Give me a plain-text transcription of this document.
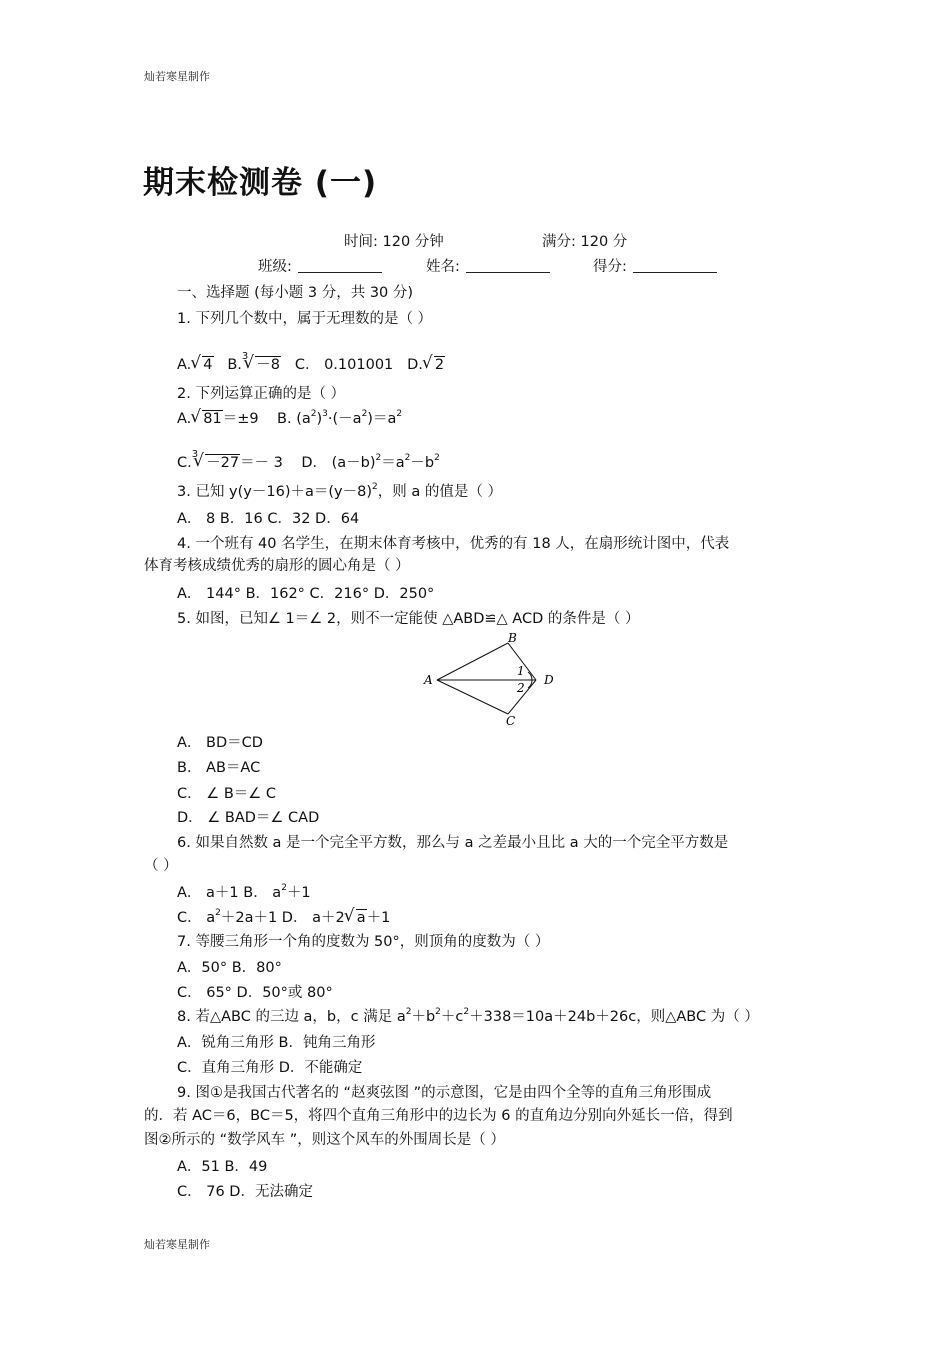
灿若寒星制作
期末检测卷 (一)
时间: 120 分钟	满分: 120 分
班级:	姓名:	得分:
一、选择题 (每小题 3 分，共 30 分)
1. 下列几个数中，属于无理数的是（ ）
A. √ 4 B.$^3$√ －8 C． 0.101001 D. √ 2
2. 下列运算正确的是（ ）
A. √ 81＝±9 B. $(a^2)^3\cdot(-a^2)=a^2$
C.$^3$√ －27＝－ 3 D． $(a-b)^2=a^2-b^2$
3. 已知 $y(y-16)+a=(y-8)^2$，则 a 的值是（ ）
A． 8 B．16 C．32 D．64
4. 一个班有 40 名学生，在期末体育考核中，优秀的有 18 人，在扇形统计图中，代表
体育考核成绩优秀的扇形的圆心角是（ ）
A． 144° B．162° C．216° D．250°
5. 如图，已知∠ 1＝∠ 2，则不一定能使 △ABD≌△ ACD 的条件是（ ）
A
B
C
D
1
2
A． BD＝CD
B． AB＝AC
C． ∠ B＝∠ C
D． ∠ BAD＝∠ CAD
6. 如果自然数 a 是一个完全平方数，那么与 a 之差最小且比 a 大的一个完全平方数是
（ ）
A． a＋1 B． $a^2+1$
C． $a^2+2a+1$ D． a＋2 √ a＋1
7. 等腰三角形一个角的度数为 50°，则顶角的度数为（ ）
A．50° B．80°
C． 65° D．50°或 80°
8. 若△ABC 的三边 a，b，c 满足 $a^2+b^2+c^2+338=10a+24b+26c$，则△ABC 为（ ）
A．锐角三角形 B．钝角三角形
C．直角三角形 D．不能确定
9. 图①是我国古代著名的 “赵爽弦图 ”的示意图，它是由四个全等的直角三角形围成
的．若 AC＝6，BC＝5，将四个直角三角形中的边长为 6 的直角边分别向外延长一倍，得到
图②所示的 “数学风车 ”，则这个风车的外围周长是（ ）
A．51 B．49
C． 76 D．无法确定
灿若寒星制作
